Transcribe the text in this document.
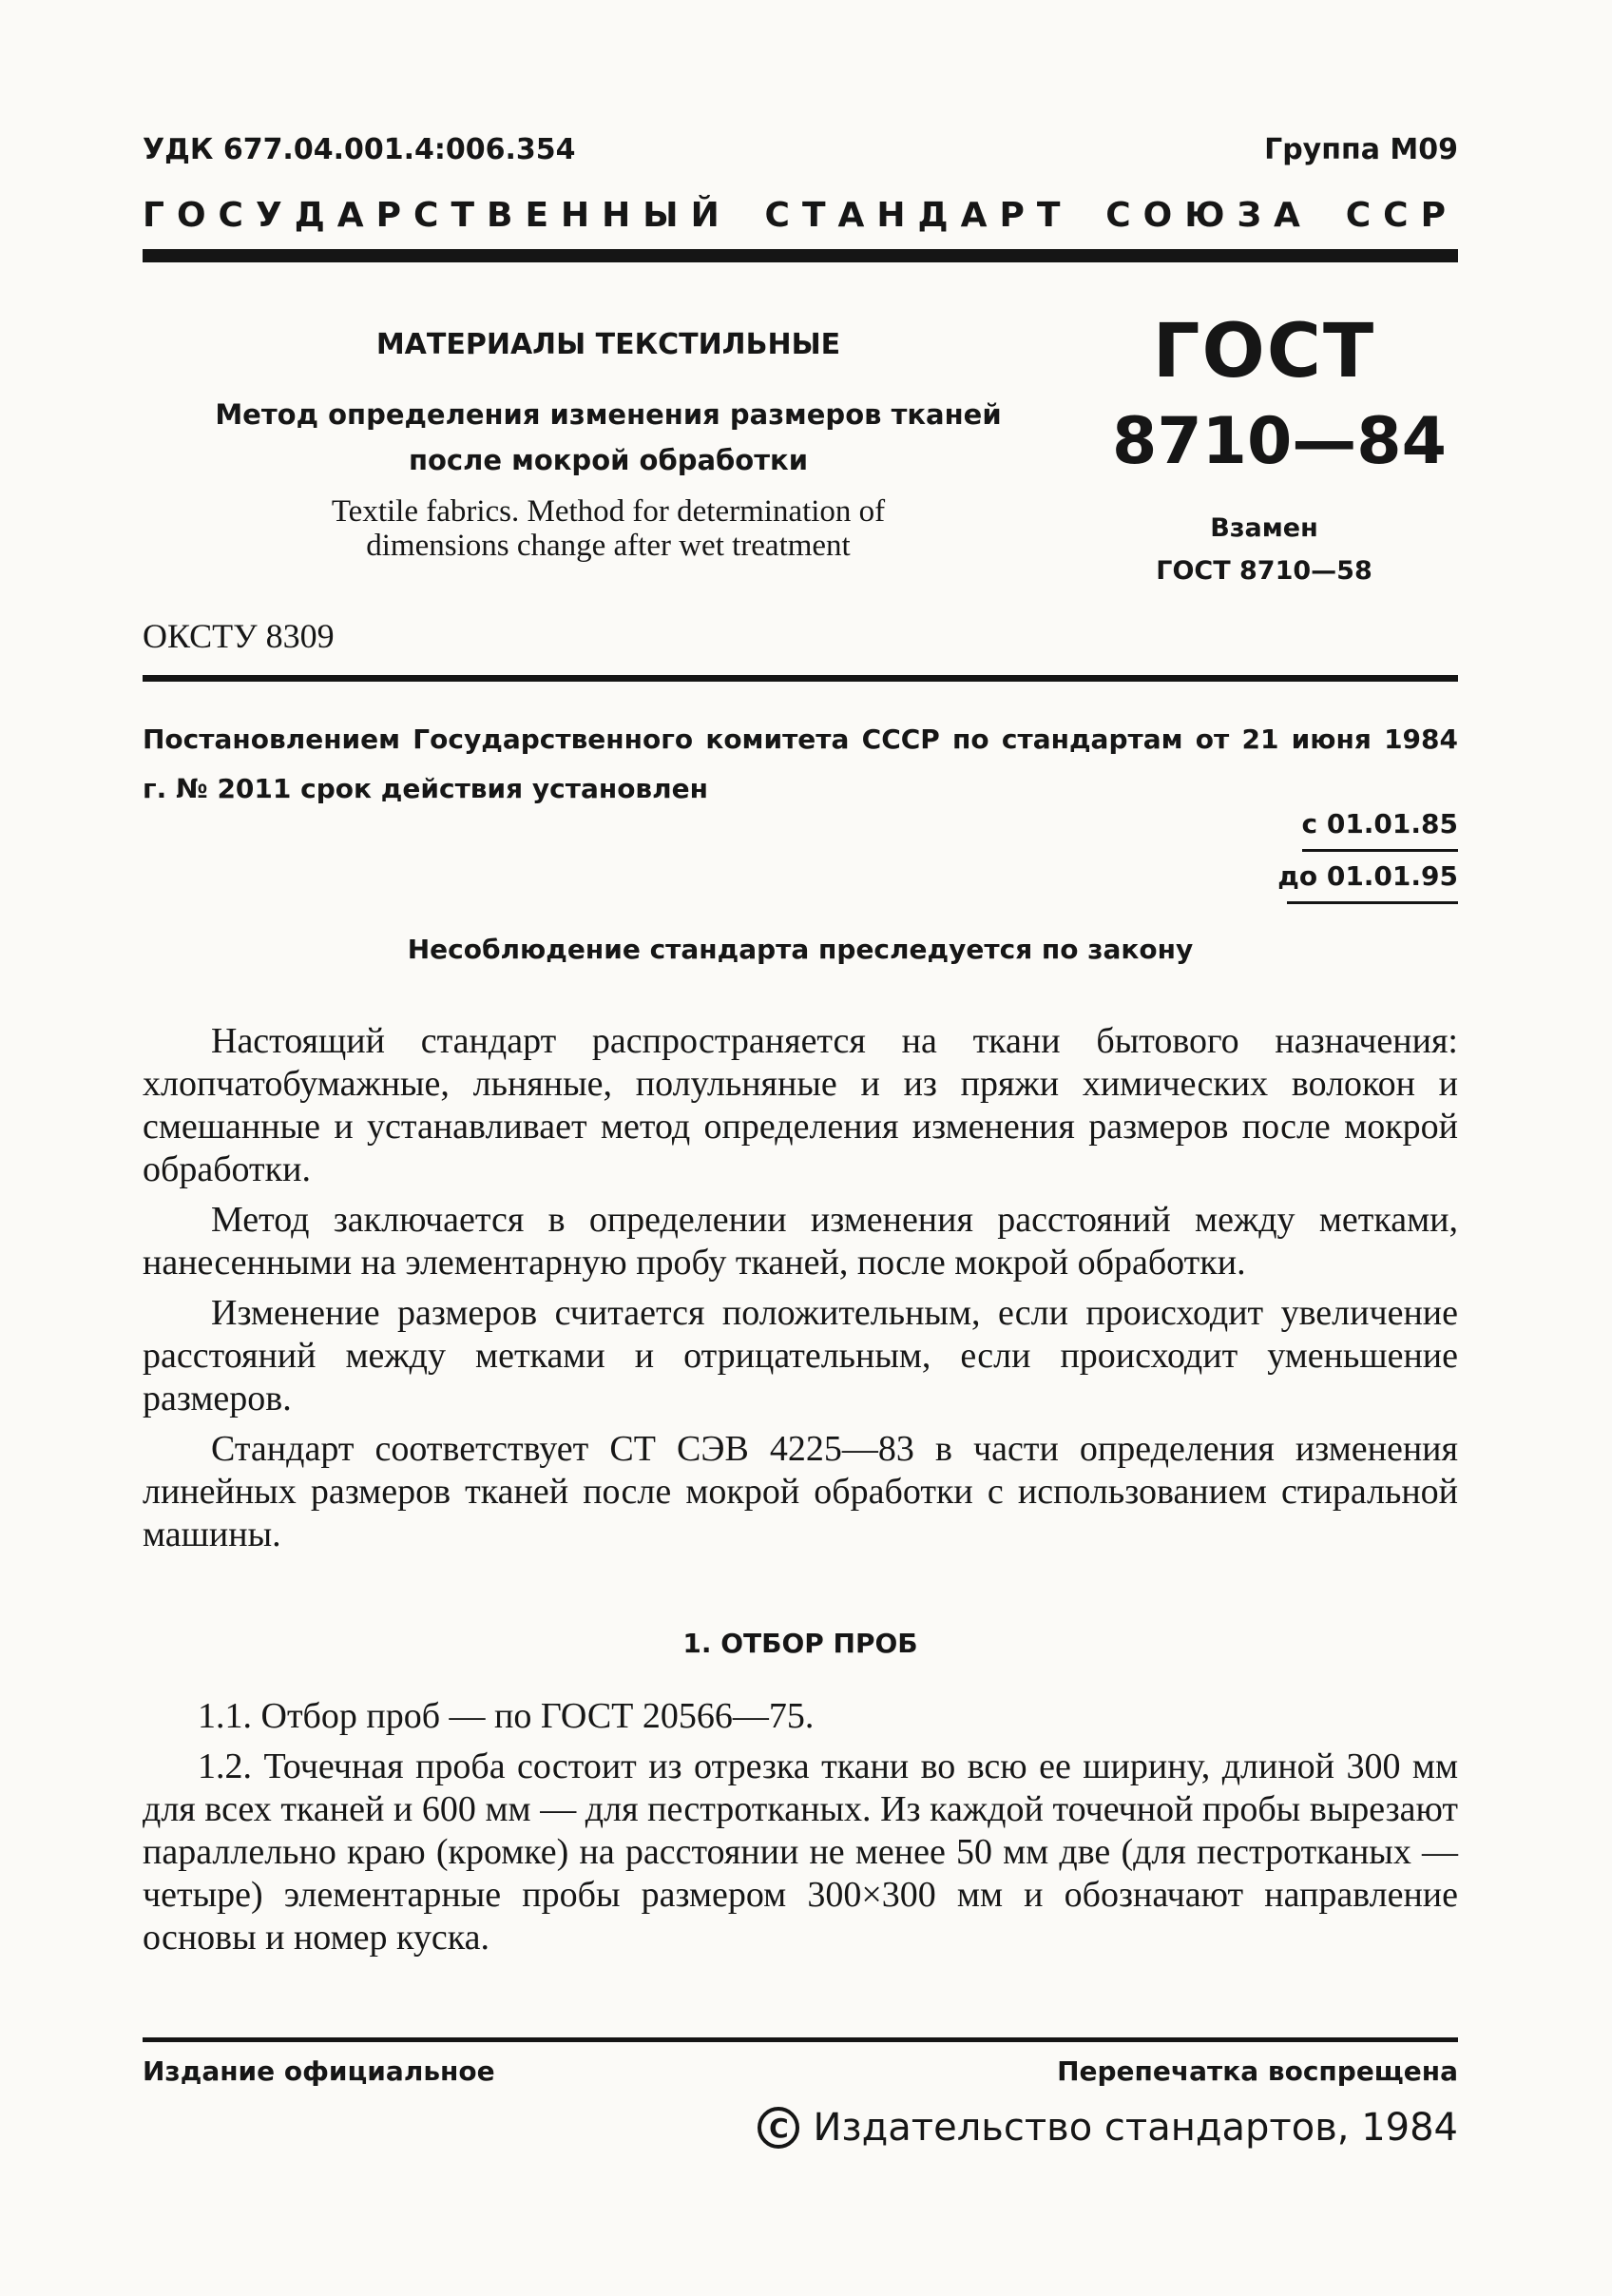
УДК 677.04.001.4:006.354	Группа М09
ГОСУДАРСТВЕННЫЙ СТАНДАРТ СОЮЗА ССР
МАТЕРИАЛЫ ТЕКСТИЛЬНЫЕ
Метод определения изменения размеров тканей
после мокрой обработки
Textile fabrics. Method for determination of
dimensions change after wet treatment
ГОСТ
8710—84
Взамен
ГОСТ 8710—58
ОКСТУ 8309
Постановлением Государственного комитета СССР по стандартам от 21 июня 1984 г. № 2011 срок действия установлен
с 01.01.85
до 01.01.95
Несоблюдение стандарта преследуется по закону

Настоящий стандарт распространяется на ткани бытового назначения: хлопчатобумажные, льняные, полульняные и из пряжи химических волокон и смешанные и устанавливает метод определения изменения размеров после мокрой обработки.

Метод заключается в определении изменения расстояний между метками, нанесенными на элементарную пробу тканей, после мокрой обработки.

Изменение размеров считается положительным, если происходит увеличение расстояний между метками и отрицательным, если происходит уменьшение размеров.

Стандарт соответствует СТ СЭВ 4225—83 в части определения изменения линейных размеров тканей после мокрой обработки с использованием стиральной машины.

1. ОТБОР ПРОБ

1.1. Отбор проб — по ГОСТ 20566—75.

1.2. Точечная проба состоит из отрезка ткани во всю ее ширину, длиной 300 мм для всех тканей и 600 мм — для пестротканых. Из каждой точечной пробы вырезают параллельно краю (кромке) на расстоянии не менее 50 мм две (для пестротканых — четыре) элементарные пробы размером 300×300 мм и обозначают направление основы и номер куска.

Издание официальное	Перепечатка воспрещена
C Издательство стандартов, 1984
